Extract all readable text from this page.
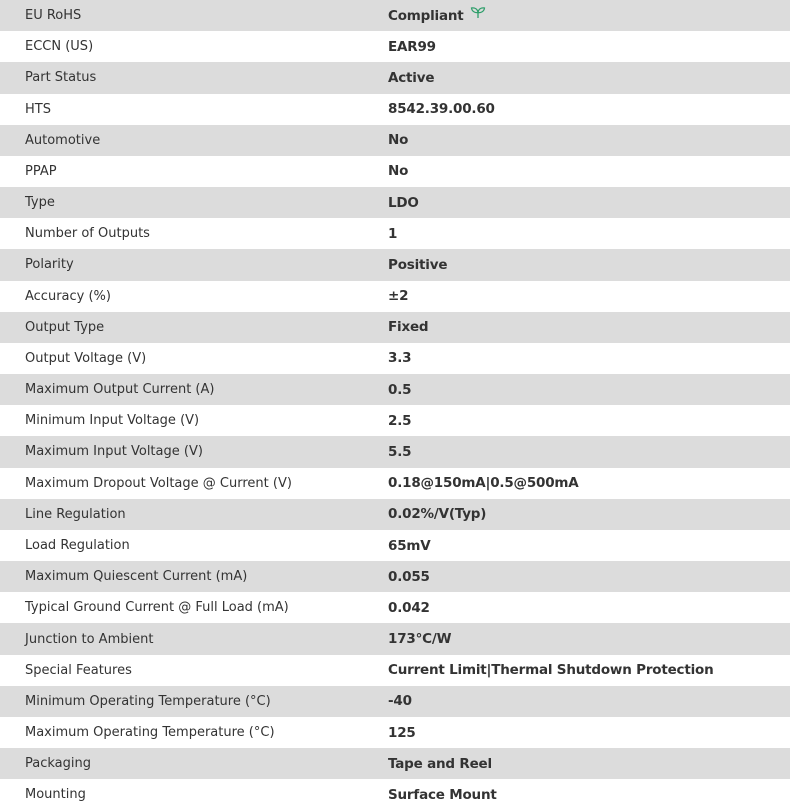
EU RoHS	Compliant
ECCN (US)	EAR99
Part Status	Active
HTS	8542.39.00.60
Automotive	No
PPAP	No
Type	LDO
Number of Outputs	1
Polarity	Positive
Accuracy (%)	±2
Output Type	Fixed
Output Voltage (V)	3.3
Maximum Output Current (A)	0.5
Minimum Input Voltage (V)	2.5
Maximum Input Voltage (V)	5.5
Maximum Dropout Voltage @ Current (V)	0.18@150mA|0.5@500mA
Line Regulation	0.02%/V(Typ)
Load Regulation	65mV
Maximum Quiescent Current (mA)	0.055
Typical Ground Current @ Full Load (mA)	0.042
Junction to Ambient	173°C/W
Special Features	Current Limit|Thermal Shutdown Protection
Minimum Operating Temperature (°C)	-40
Maximum Operating Temperature (°C)	125
Packaging	Tape and Reel
Mounting	Surface Mount
